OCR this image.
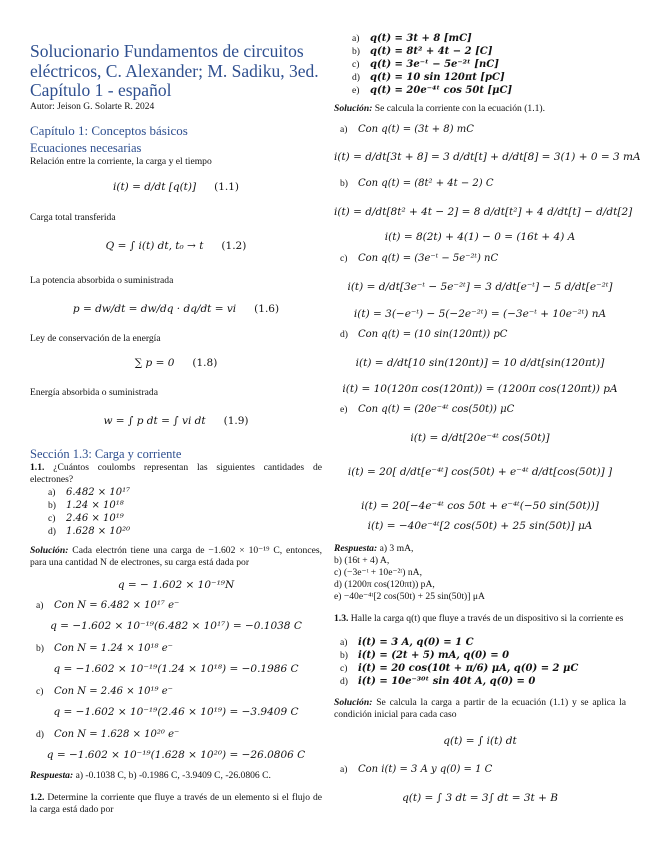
Solucionario Fundamentos de circuitos
eléctricos, C. Alexander; M. Sadiku, 3ed.
Capítulo 1 - español
Autor: Jeison G. Solarte R. 2024
Capítulo 1: Conceptos básicos
Ecuaciones necesarias
Relación entre la corriente, la carga y el tiempo
i(t) = d/dt [q(t)] (1.1)
Carga total transferida
Q = ∫ i(t) dt, t₀ → t (1.2)
La potencia absorbida o suministrada
p = dw/dt = dw/dq · dq/dt = vi (1.6)
Ley de conservación de la energía
∑ p = 0 (1.8)
Energía absorbida o suministrada
w = ∫ p dt = ∫ vi dt (1.9)
Sección 1.3: Carga y corriente
1.1. ¿Cuántos coulombs representan las siguientes cantidades de electrones?
a) 6.482 × 10¹⁷
b) 1.24 × 10¹⁸
c) 2.46 × 10¹⁹
d) 1.628 × 10²⁰
Solución: Cada electrón tiene una carga de −1.602 × 10⁻¹⁹ C, entonces, para una cantidad N de electrones, su carga está dada por
q = − 1.602 × 10⁻¹⁹N
a) Con N = 6.482 × 10¹⁷ e⁻
q = −1.602 × 10⁻¹⁹(6.482 × 10¹⁷) = −0.1038 C
b) Con N = 1.24 × 10¹⁸ e⁻
q = −1.602 × 10⁻¹⁹(1.24 × 10¹⁸) = −0.1986 C
c) Con N = 2.46 × 10¹⁹ e⁻
q = −1.602 × 10⁻¹⁹(2.46 × 10¹⁹) = −3.9409 C
d) Con N = 1.628 × 10²⁰ e⁻
q = −1.602 × 10⁻¹⁹(1.628 × 10²⁰) = −26.0806 C
Respuesta: a) -0.1038 C, b) -0.1986 C, -3.9409 C, -26.0806 C.
1.2. Determine la corriente que fluye a través de un elemento si el flujo de la carga está dado por
a) q(t) = 3t + 8 [mC]
b) q(t) = 8t² + 4t − 2 [C]
c) q(t) = 3e⁻ᵗ − 5e⁻²ᵗ [nC]
d) q(t) = 10 sin 120πt [pC]
e) q(t) = 20e⁻⁴ᵗ cos 50t [μC]
Solución: Se calcula la corriente con la ecuación (1.1).
a) Con q(t) = (3t + 8) mC
i(t) = d/dt[3t + 8] = 3 d/dt[t] + d/dt[8] = 3(1) + 0 = 3 mA
b) Con q(t) = (8t² + 4t − 2) C
i(t) = d/dt[8t² + 4t − 2] = 8 d/dt[t²] + 4 d/dt[t] − d/dt[2]
i(t) = 8(2t) + 4(1) − 0 = (16t + 4) A
c) Con q(t) = (3e⁻ᵗ − 5e⁻²ᵗ) nC
i(t) = d/dt[3e⁻ᵗ − 5e⁻²ᵗ] = 3 d/dt[e⁻ᵗ] − 5 d/dt[e⁻²ᵗ]
i(t) = 3(−e⁻ᵗ) − 5(−2e⁻²ᵗ) = (−3e⁻ᵗ + 10e⁻²ᵗ) nA
d) Con q(t) = (10 sin(120πt)) pC
i(t) = d/dt[10 sin(120πt)] = 10 d/dt[sin(120πt)]
i(t) = 10(120π cos(120πt)) = (1200π cos(120πt)) pA
e) Con q(t) = (20e⁻⁴ᵗ cos(50t)) μC
i(t) = d/dt[20e⁻⁴ᵗ cos(50t)]
i(t) = 20[ d/dt[e⁻⁴ᵗ] cos(50t) + e⁻⁴ᵗ d/dt[cos(50t)] ]
i(t) = 20[−4e⁻⁴ᵗ cos 50t + e⁻⁴ᵗ(−50 sin(50t))]
i(t) = −40e⁻⁴ᵗ[2 cos(50t) + 25 sin(50t)] μA
Respuesta: a) 3 mA,
b) (16t + 4) A,
c) (−3e⁻ᵗ + 10e⁻²ᵗ) nA,
d) (1200π cos(120πt)) pA,
e) −40e⁻⁴ᵗ[2 cos(50t) + 25 sin(50t)] μA
1.3. Halle la carga q(t) que fluye a través de un dispositivo si la corriente es
a) i(t) = 3 A, q(0) = 1 C
b) i(t) = (2t + 5) mA, q(0) = 0
c) i(t) = 20 cos(10t + π/6) μA, q(0) = 2 μC
d) i(t) = 10e⁻³⁰ᵗ sin 40t A, q(0) = 0
Solución: Se calcula la carga a partir de la ecuación (1.1) y se aplica la condición inicial para cada caso
q(t) = ∫ i(t) dt
a) Con i(t) = 3 A y q(0) = 1 C
q(t) = ∫ 3 dt = 3∫ dt = 3t + B
